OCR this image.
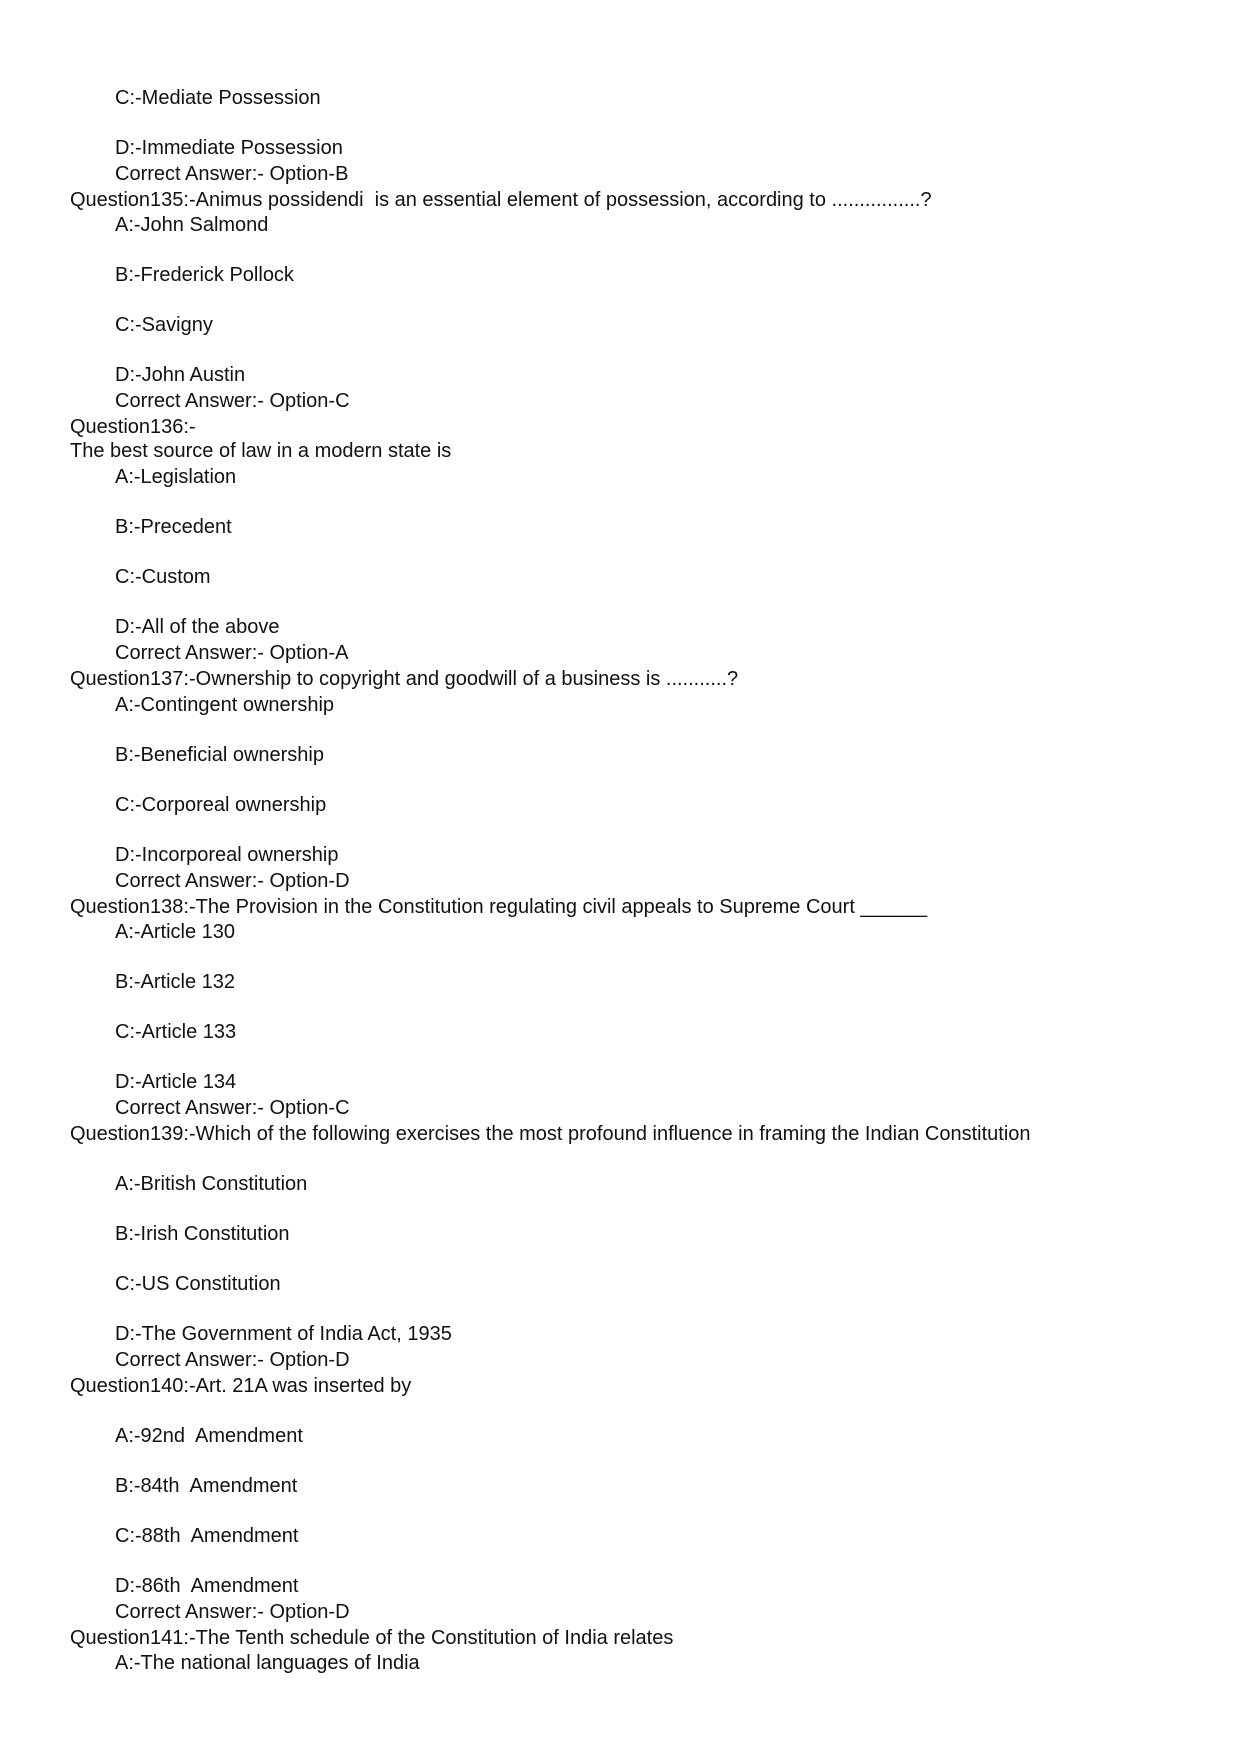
C:-Mediate Possession
D:-Immediate Possession
Correct Answer:- Option-B
Question135:-Animus possidendi  is an essential element of possession, according to ................?
A:-John Salmond
B:-Frederick Pollock
C:-Savigny
D:-John Austin
Correct Answer:- Option-C
Question136:-
The best source of law in a modern state is
A:-Legislation
B:-Precedent
C:-Custom
D:-All of the above
Correct Answer:- Option-A
Question137:-Ownership to copyright and goodwill of a business is ...........?
A:-Contingent ownership
B:-Beneficial ownership
C:-Corporeal ownership
D:-Incorporeal ownership
Correct Answer:- Option-D
Question138:-The Provision in the Constitution regulating civil appeals to Supreme Court ______
A:-Article 130
B:-Article 132
C:-Article 133
D:-Article 134
Correct Answer:- Option-C
Question139:-Which of the following exercises the most profound influence in framing the Indian Constitution
A:-British Constitution
B:-Irish Constitution
C:-US Constitution
D:-The Government of India Act, 1935
Correct Answer:- Option-D
Question140:-Art. 21A was inserted by
A:-92nd  Amendment
B:-84th  Amendment
C:-88th  Amendment
D:-86th  Amendment
Correct Answer:- Option-D
Question141:-The Tenth schedule of the Constitution of India relates
A:-The national languages of India
